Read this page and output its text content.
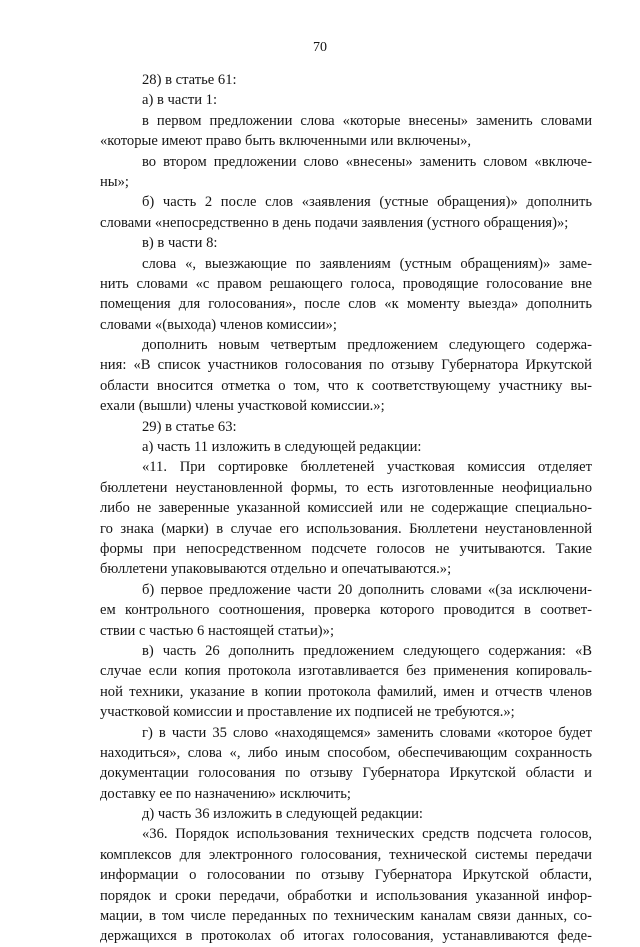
70
28) в статье 61:
а) в части 1:
в первом предложении слова «которые внесены» заменить словами
«которые имеют право быть включенными или включены»,
во втором предложении слово «внесены» заменить словом «включе-
ны»;
б) часть 2 после слов «заявления (устные обращения)» дополнить
словами «непосредственно в день подачи заявления (устного обращения)»;
в) в части 8:
слова «, выезжающие по заявлениям (устным обращениям)» заме-
нить словами «с правом решающего голоса, проводящие голосование вне
помещения для голосования», после слов «к моменту выезда» дополнить
словами «(выхода) членов комиссии»;
дополнить новым четвертым предложением следующего содержа-
ния: «В список участников голосования по отзыву Губернатора Иркутской
области вносится отметка о том, что к соответствующему участнику вы-
ехали (вышли) члены участковой комиссии.»;
29) в статье 63:
а) часть 11 изложить в следующей редакции:
«11. При сортировке бюллетеней участковая комиссия отделяет
бюллетени неустановленной формы, то есть изготовленные неофициально
либо не заверенные указанной комиссией или не содержащие специально-
го знака (марки) в случае его использования. Бюллетени неустановленной
формы при непосредственном подсчете голосов не учитываются. Такие
бюллетени упаковываются отдельно и опечатываются.»;
б) первое предложение части 20 дополнить словами «(за исключени-
ем контрольного соотношения, проверка которого проводится в соответ-
ствии с частью 6 настоящей статьи)»;
в) часть 26 дополнить предложением следующего содержания: «В
случае если копия протокола изготавливается без применения копироваль-
ной техники, указание в копии протокола фамилий, имен и отчеств членов
участковой комиссии и проставление их подписей не требуются.»;
г) в части 35 слово «находящемся» заменить словами «которое будет
находиться», слова «, либо иным способом, обеспечивающим сохранность
документации голосования по отзыву Губернатора Иркутской области и
доставку ее по назначению» исключить;
д) часть 36 изложить в следующей редакции:
«36. Порядок использования технических средств подсчета голосов,
комплексов для электронного голосования, технической системы передачи
информации о голосовании по отзыву Губернатора Иркутской области,
порядок и сроки передачи, обработки и использования указанной инфор-
мации, в том числе переданных по техническим каналам связи данных, со-
держащихся в протоколах об итогах голосования, устанавливаются феде-
